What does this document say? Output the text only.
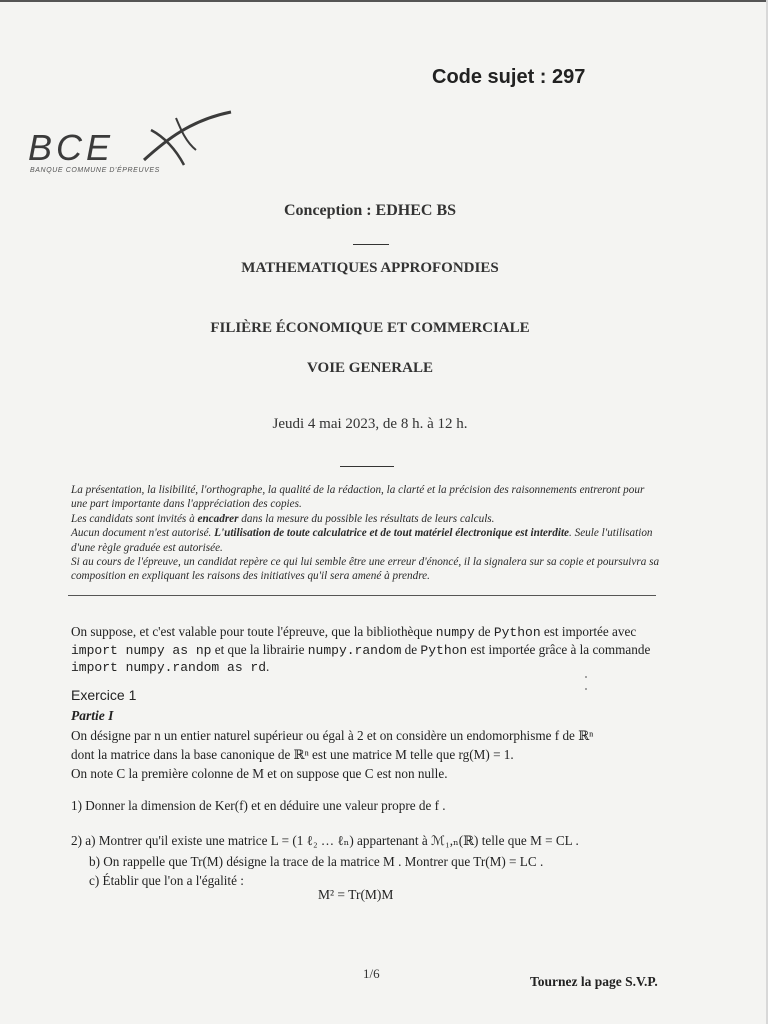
Code sujet : 297
BCE
BANQUE COMMUNE D'ÉPREUVES
Conception : EDHEC BS
MATHEMATIQUES APPROFONDIES
FILIÈRE ÉCONOMIQUE ET COMMERCIALE
VOIE GENERALE
Jeudi 4 mai 2023, de 8 h. à 12 h.

La présentation, la lisibilité, l'orthographe, la qualité de la rédaction, la clarté et la précision des raisonnements entreront pour une part importante dans l'appréciation des copies.

Les candidats sont invités à encadrer dans la mesure du possible les résultats de leurs calculs.

Aucun document n'est autorisé. L'utilisation de toute calculatrice et de tout matériel électronique est interdite. Seule l'utilisation d'une règle graduée est autorisée.

Si au cours de l'épreuve, un candidat repère ce qui lui semble être une erreur d'énoncé, il la signalera sur sa copie et poursuivra sa composition en expliquant les raisons des initiatives qu'il sera amené à prendre.

On suppose, et c'est valable pour toute l'épreuve, que la bibliothèque numpy de Python est importée avec import numpy as np et que la librairie numpy.random de Python est importée grâce à la commande import numpy.random as rd.

Exercice 1
Partie I

On désigne par n un entier naturel supérieur ou égal à 2 et on considère un endomorphisme f de ℝⁿ

dont la matrice dans la base canonique de ℝⁿ est une matrice M telle que rg(M) = 1.

On note C la première colonne de M et on suppose que C est non nulle.

1) Donner la dimension de Ker(f) et en déduire une valeur propre de f .
2) a) Montrer qu'il existe une matrice L = (1 ℓ₂ … ℓₙ) appartenant à ℳ₁,ₙ(ℝ) telle que M = CL .
b) On rappelle que Tr(M) désigne la trace de la matrice M . Montrer que Tr(M) = LC .
c) Établir que l'on a l'égalité :
M² = Tr(M)M
1/6
Tournez la page S.V.P.
